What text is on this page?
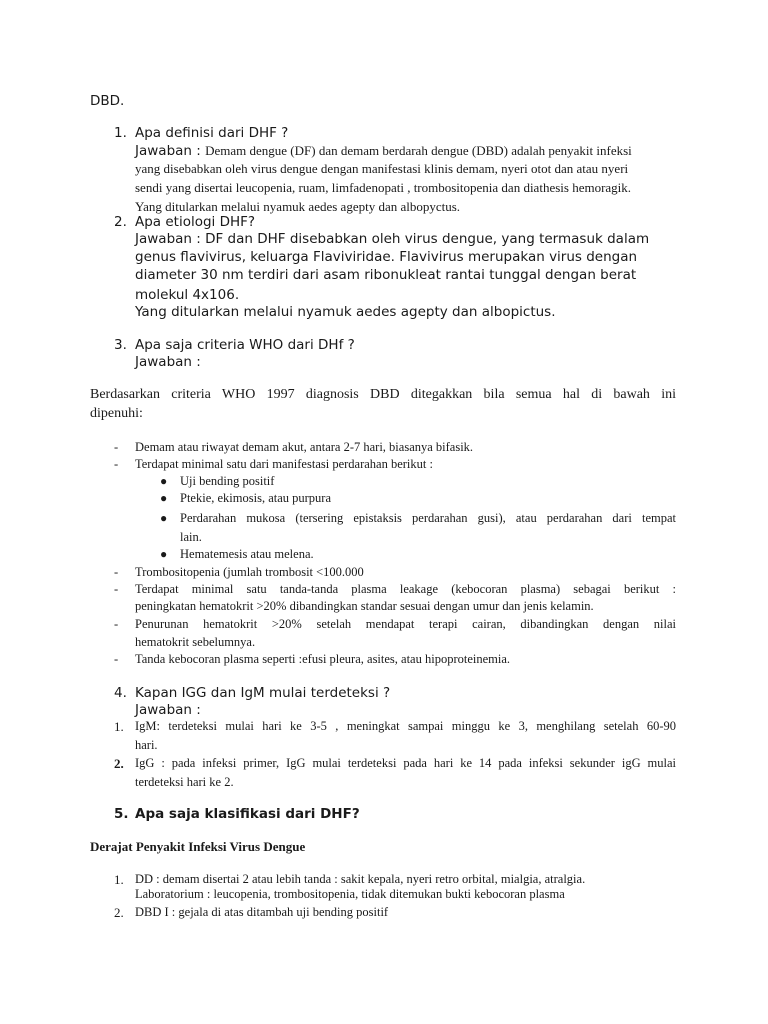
DBD.
1. Apa definisi dari DHF ?
Jawaban : Demam dengue (DF) dan demam berdarah dengue (DBD) adalah penyakit infeksi
yang disebabkan oleh virus dengue dengan manifestasi klinis demam, nyeri otot dan atau nyeri
sendi yang disertai leucopenia, ruam, limfadenopati , trombositopenia dan diathesis hemoragik.
Yang ditularkan melalui nyamuk aedes agepty dan albopyctus.
2. Apa etiologi DHF?
Jawaban : DF dan DHF disebabkan oleh virus dengue, yang termasuk dalam
genus flavivirus, keluarga Flaviviridae. Flavivirus merupakan virus dengan
diameter 30 nm terdiri dari asam ribonukleat rantai tunggal dengan berat
molekul 4x106.
Yang ditularkan melalui nyamuk aedes agepty dan albopictus.
3. Apa saja criteria WHO dari DHf ?
Jawaban :
Berdasarkan criteria WHO 1997 diagnosis DBD ditegakkan bila semua hal di bawah ini
dipenuhi:
- Demam atau riwayat demam akut, antara 2-7 hari, biasanya bifasik.
- Terdapat minimal satu dari manifestasi perdarahan berikut :
● Uji bending positif
● Ptekie, ekimosis, atau purpura
● Perdarahan mukosa (tersering epistaksis perdarahan gusi), atau perdarahan dari tempat
lain.
● Hematemesis atau melena.
- Trombositopenia (jumlah trombosit <100.000
- Terdapat minimal satu tanda-tanda plasma leakage (kebocoran plasma) sebagai berikut :
peningkatan hematokrit >20% dibandingkan standar sesuai dengan umur dan jenis kelamin.
- Penurunan hematokrit >20% setelah mendapat terapi cairan, dibandingkan dengan nilai
hematokrit sebelumnya.
- Tanda kebocoran plasma seperti :efusi pleura, asites, atau hipoproteinemia.
4. Kapan IGG dan IgM mulai terdeteksi ?
Jawaban :
1. IgM: terdeteksi mulai hari ke 3-5 , meningkat sampai minggu ke 3, menghilang setelah 60-90
hari.
2. IgG : pada infeksi primer, IgG mulai terdeteksi pada hari ke 14 pada infeksi sekunder igG mulai
terdeteksi hari ke 2.
5. Apa saja klasifikasi dari DHF?
Derajat Penyakit Infeksi Virus Dengue
1. DD : demam disertai 2 atau lebih tanda : sakit kepala, nyeri retro orbital, mialgia, atralgia.
Laboratorium : leucopenia, trombositopenia, tidak ditemukan bukti kebocoran plasma
2. DBD I : gejala di atas ditambah uji bending positif
